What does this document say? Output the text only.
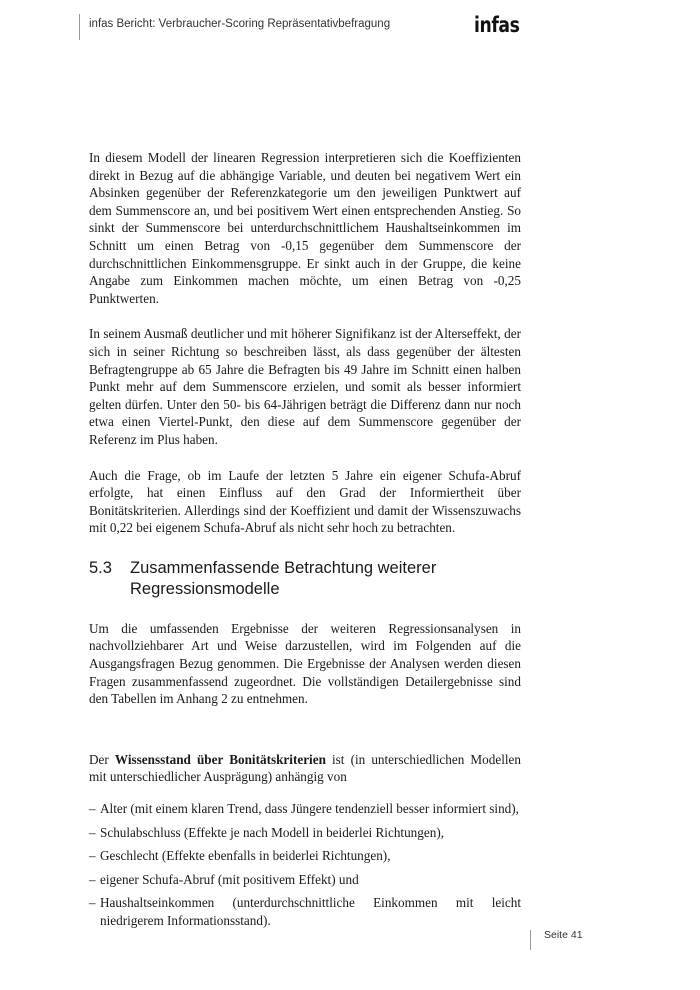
infas Bericht: Verbraucher-Scoring Repräsentativbefragung	infas

In diesem Modell der linearen Regression interpretieren sich die Koeffizienten direkt in Bezug auf die abhängige Variable, und deuten bei negativem Wert ein Absinken gegenüber der Referenzkategorie um den jeweiligen Punktwert auf dem Summenscore an, und bei positivem Wert einen entsprechenden Anstieg. So sinkt der Summenscore bei unterdurchschnittlichem Haushaltseinkommen im Schnitt um einen Betrag von -0,15 gegenüber dem Summenscore der durchschnittlichen Einkommensgruppe. Er sinkt auch in der Gruppe, die keine Angabe zum Einkommen machen möchte, um einen Betrag von -0,25 Punktwerten.

In seinem Ausmaß deutlicher und mit höherer Signifikanz ist der Alterseffekt, der sich in seiner Richtung so beschreiben lässt, als dass gegenüber der ältesten Befragtengruppe ab 65 Jahre die Befragten bis 49 Jahre im Schnitt einen halben Punkt mehr auf dem Summenscore erzielen, und somit als besser informiert gelten dürfen. Unter den 50- bis 64-Jährigen beträgt die Differenz dann nur noch etwa einen Viertel-Punkt, den diese auf dem Summenscore gegenüber der Referenz im Plus haben.

Auch die Frage, ob im Laufe der letzten 5 Jahre ein eigener Schufa-Abruf erfolgte, hat einen Einfluss auf den Grad der Informiertheit über Bonitätskriterien. Allerdings sind der Koeffizient und damit der Wissenszuwachs mit 0,22 bei eigenem Schufa-Abruf als nicht sehr hoch zu betrachten.

5.3	Zusammenfassende Betrachtung weiterer Regressionsmodelle

Um die umfassenden Ergebnisse der weiteren Regressionsanalysen in nachvollziehbarer Art und Weise darzustellen, wird im Folgenden auf die Ausgangsfragen Bezug genommen. Die Ergebnisse der Analysen werden diesen Fragen zusammenfassend zugeordnet. Die vollständigen Detailergebnisse sind den Tabellen im Anhang 2 zu entnehmen.

Der Wissensstand über Bonitätskriterien ist (in unterschiedlichen Modellen mit unterschiedlicher Ausprägung) anhängig von

– Alter (mit einem klaren Trend, dass Jüngere tendenziell besser informiert sind),
– Schulabschluss (Effekte je nach Modell in beiderlei Richtungen),
– Geschlecht (Effekte ebenfalls in beiderlei Richtungen),
– eigener Schufa-Abruf (mit positivem Effekt) und
– Haushaltseinkommen (unterdurchschnittliche Einkommen mit leicht niedrigerem Informationsstand).
Seite 41
